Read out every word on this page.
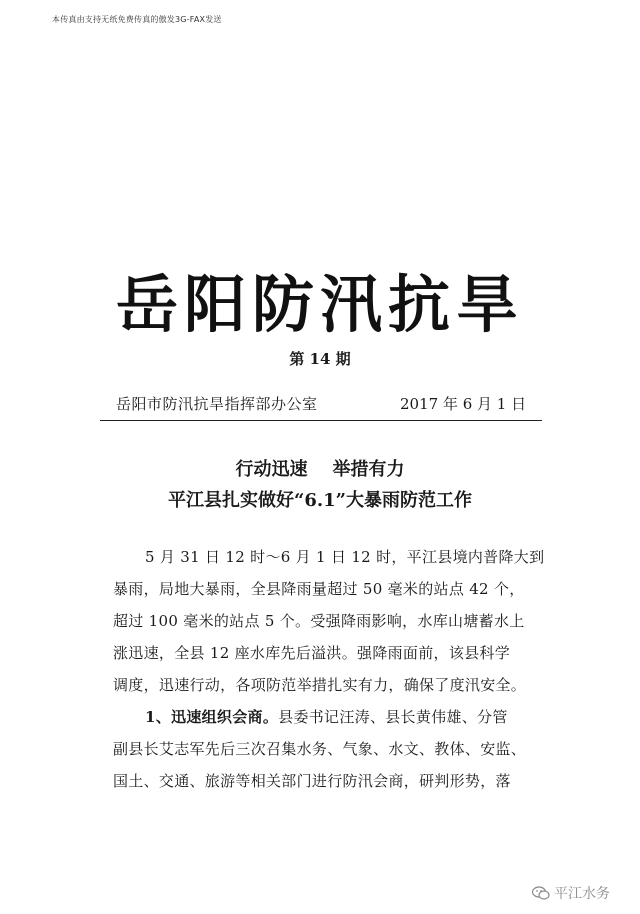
本传真由支持无纸免费传真的傲发3G-FAX发送
岳阳防汛抗旱
第 14 期
岳阳市防汛抗旱指挥部办公室	2017 年 6 月 1 日
行动迅速    举措有力
平江县扎实做好“6.1”大暴雨防范工作
5 月 31 日 12 时～6 月 1 日 12 时，平江县境内普降大到
暴雨，局地大暴雨，全县降雨量超过 50 毫米的站点 42 个，
超过 100 毫米的站点 5 个。受强降雨影响，水库山塘蓄水上
涨迅速，全县 12 座水库先后溢洪。强降雨面前，该县科学
调度，迅速行动，各项防范举措扎实有力，确保了度汛安全。
1、迅速组织会商。县委书记汪涛、县长黄伟雄、分管
副县长艾志军先后三次召集水务、气象、水文、教体、安监、
国土、交通、旅游等相关部门进行防汛会商，研判形势，落
平江水务
